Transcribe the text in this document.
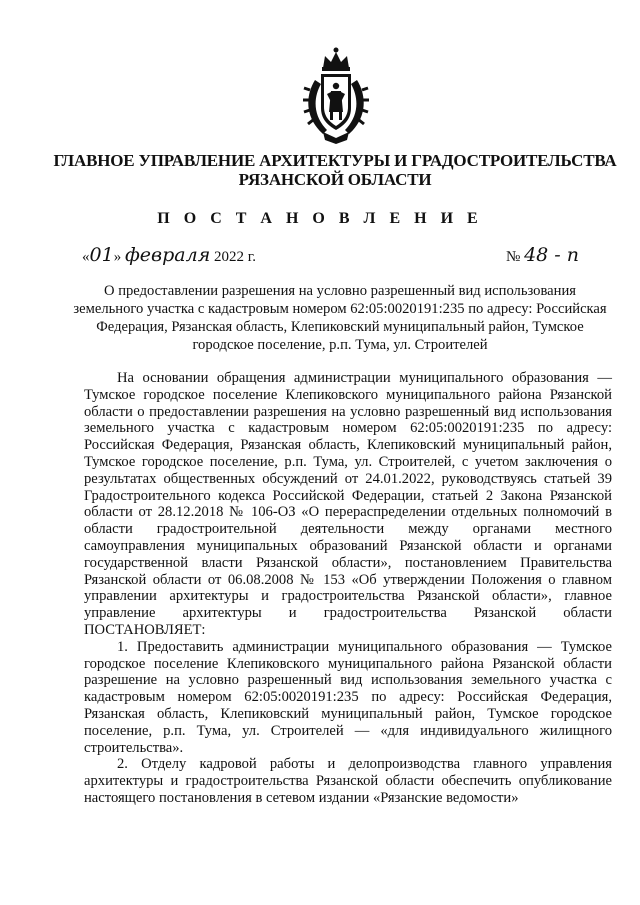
ГЛАВНОЕ УПРАВЛЕНИЕ АРХИТЕКТУРЫ И ГРАДОСТРОИТЕЛЬСТВА
РЯЗАНСКОЙ ОБЛАСТИ
П О С Т А Н О В Л Е Н И Е
«01» февраля 2022 г.	№ 48 - п
О предоставлении разрешения на условно разрешенный вид использования земельного участка с кадастровым номером 62:05:0020191:235 по адресу: Российская Федерация, Рязанская область, Клепиковский муниципальный район, Тумское городское поселение, р.п. Тума, ул. Строителей

На основании обращения администрации муниципального образования — Тумское городское поселение Клепиковского муниципального района Рязанской области о предоставлении разрешения на условно разрешенный вид использования земельного участка с кадастровым номером 62:05:0020191:235 по адресу: Российская Федерация, Рязанская область, Клепиковский муниципальный район, Тумское городское поселение, р.п. Тума, ул. Строителей, с учетом заключения о результатах общественных обсуждений от 24.01.2022, руководствуясь статьей 39 Градостроительного кодекса Российской Федерации, статьей 2 Закона Рязанской области от 28.12.2018 № 106-ОЗ «О перераспределении отдельных полномочий в области градостроительной деятельности между органами местного самоуправления муниципальных образований Рязанской области и органами государственной власти Рязанской области», постановлением Правительства Рязанской области от 06.08.2008 № 153 «Об утверждении Положения о главном управлении архитектуры и градостроительства Рязанской области», главное управление архитектуры и градостроительства Рязанской области ПОСТАНОВЛЯЕТ:

1. Предоставить администрации муниципального образования — Тумское городское поселение Клепиковского муниципального района Рязанской области разрешение на условно разрешенный вид использования земельного участка с кадастровым номером 62:05:0020191:235 по адресу: Российская Федерация, Рязанская область, Клепиковский муниципальный район, Тумское городское поселение, р.п. Тума, ул. Строителей — «для индивидуального жилищного строительства».

2. Отделу кадровой работы и делопроизводства главного управления архитектуры и градостроительства Рязанской области обеспечить опубликование настоящего постановления в сетевом издании «Рязанские ведомости»
